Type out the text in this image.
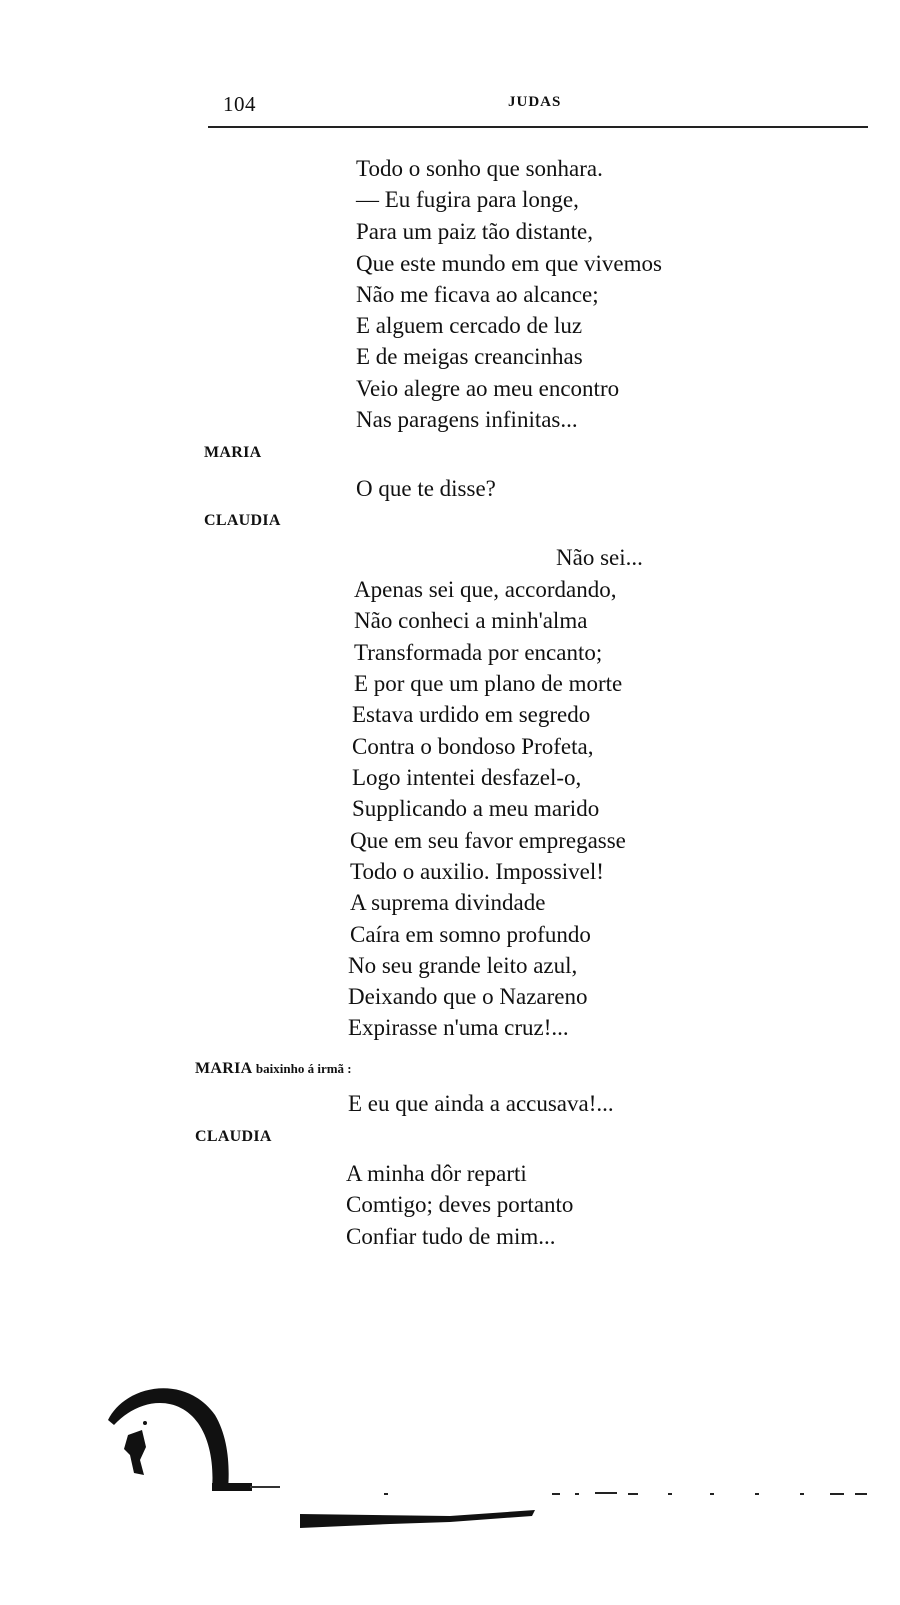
104	JUDAS
Todo o sonho que sonhara.
— Eu fugira para longe,
Para um paiz tão distante,
Que este mundo em que vivemos
Não me ficava ao alcance;
E alguem cercado de luz
E de meigas creancinhas
Veio alegre ao meu encontro
Nas paragens infinitas...
MARIA
O que te disse?
CLAUDIA
Não sei...
Apenas sei que, accordando,
Não conheci a minh'alma
Transformada por encanto;
E por que um plano de morte
Estava urdido em segredo
Contra o bondoso Profeta,
Logo intentei desfazel-o,
Supplicando a meu marido
Que em seu favor empregasse
Todo o auxilio. Impossivel!
A suprema divindade
Caíra em somno profundo
No seu grande leito azul,
Deixando que o Nazareno
Expirasse n'uma cruz!...
MARIA baixinho á irmã :
E eu que ainda a accusava!...
CLAUDIA
A minha dôr reparti
Comtigo; deves portanto
Confiar tudo de mim...
